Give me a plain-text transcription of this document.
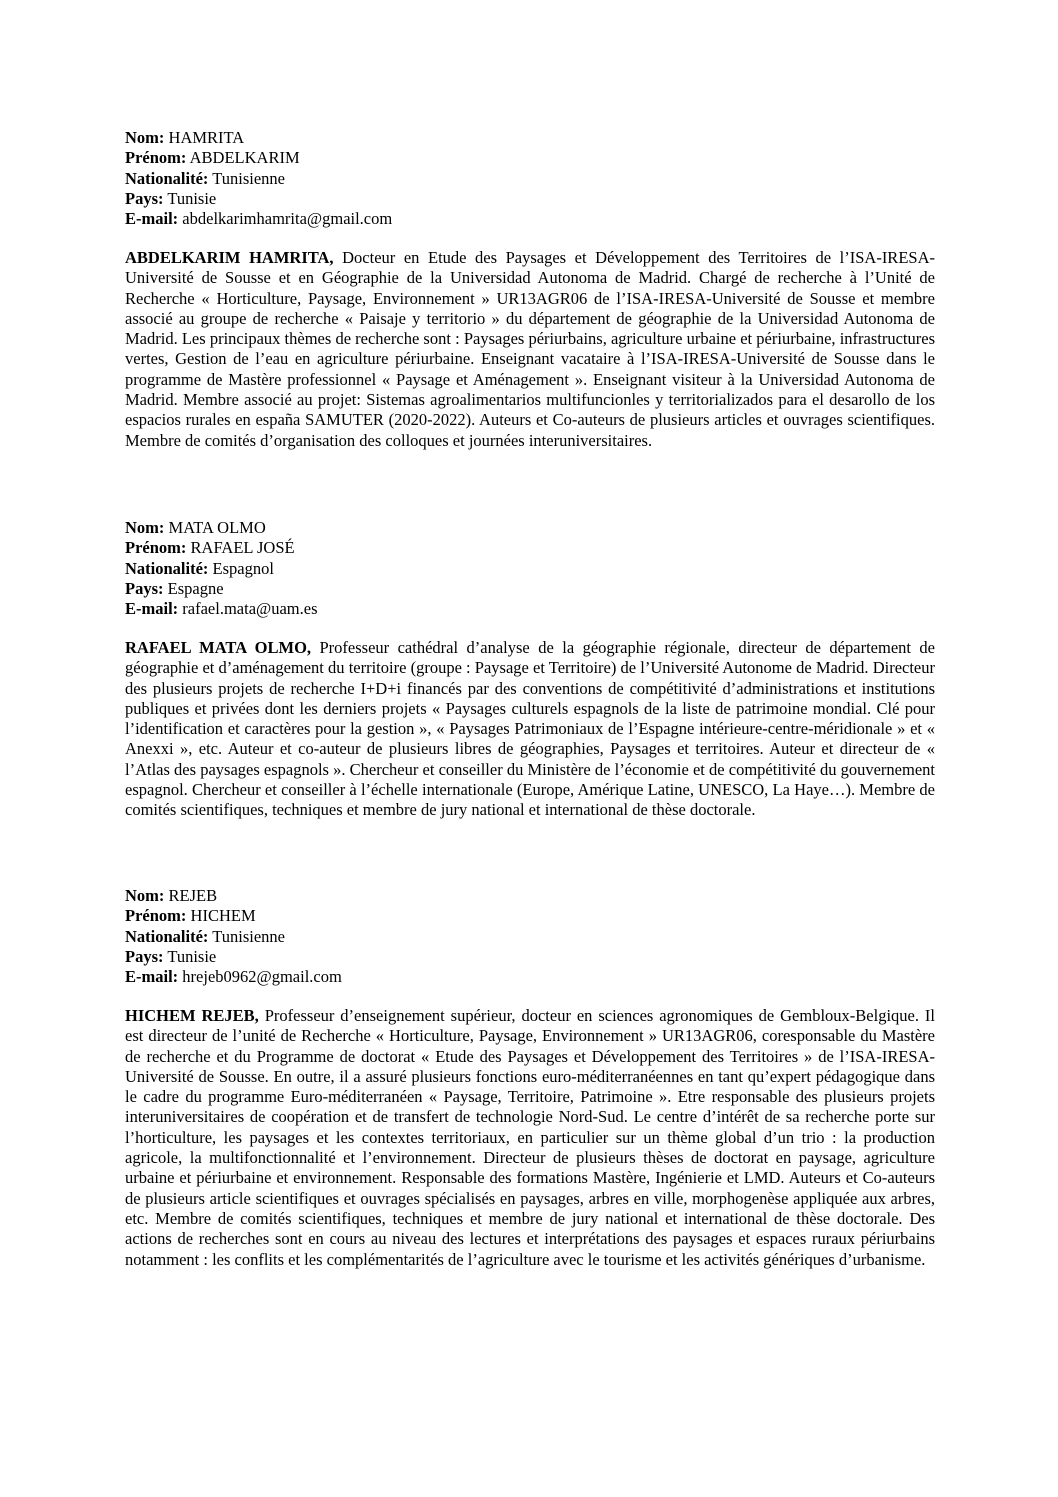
Nom: HAMRITA

Prénom: ABDELKARIM

Nationalité: Tunisienne

Pays: Tunisie

E-mail: abdelkarimhamrita@gmail.com

ABDELKARIM HAMRITA, Docteur en Etude des Paysages et Développement des Territoires de l’ISA-IRESA-Université de Sousse et en Géographie de la Universidad Autonoma de Madrid. Chargé de recherche à l’Unité de Recherche « Horticulture, Paysage, Environnement » UR13AGR06 de l’ISA-IRESA-Université de Sousse et membre associé au groupe de recherche « Paisaje y territorio » du département de géographie de la Universidad Autonoma de Madrid. Les principaux thèmes de recherche sont : Paysages périurbains, agriculture urbaine et périurbaine, infrastructures vertes, Gestion de l’eau en agriculture périurbaine. Enseignant vacataire à l’ISA-IRESA-Université de Sousse dans le programme de Mastère professionnel « Paysage et Aménagement ». Enseignant visiteur à la Universidad Autonoma de Madrid. Membre associé au projet: Sistemas agroalimentarios multifuncionles y territorializados para el desarollo de los espacios rurales en españa SAMUTER (2020-2022). Auteurs et Co-auteurs de plusieurs articles et ouvrages scientifiques. Membre de comités d’organisation des colloques et journées interuniversitaires.

Nom: MATA OLMO

Prénom: RAFAEL JOSÉ

Nationalité: Espagnol

Pays: Espagne

E-mail: rafael.mata@uam.es

RAFAEL MATA OLMO, Professeur cathédral d’analyse de la géographie régionale, directeur de département de géographie et d’aménagement du territoire (groupe : Paysage et Territoire) de l’Université Autonome de Madrid. Directeur des plusieurs projets de recherche I+D+i financés par des conventions de compétitivité d’administrations et institutions publiques et privées dont les derniers projets « Paysages culturels espagnols de la liste de patrimoine mondial. Clé pour l’identification et caractères pour la gestion », « Paysages Patrimoniaux de l’Espagne intérieure-centre-méridionale » et « Anexxi », etc. Auteur et co-auteur de plusieurs libres de géographies, Paysages et territoires. Auteur et directeur de « l’Atlas des paysages espagnols ». Chercheur et conseiller du Ministère de l’économie et de compétitivité du gouvernement espagnol. Chercheur et conseiller à l’échelle internationale (Europe, Amérique Latine, UNESCO, La Haye…). Membre de comités scientifiques, techniques et membre de jury national et international de thèse doctorale.

Nom: REJEB

Prénom: HICHEM

Nationalité: Tunisienne

Pays: Tunisie

E-mail: hrejeb0962@gmail.com

HICHEM REJEB, Professeur d’enseignement supérieur, docteur en sciences agronomiques de Gembloux-Belgique. Il est directeur de l’unité de Recherche « Horticulture, Paysage, Environnement » UR13AGR06, coresponsable du Mastère de recherche et du Programme de doctorat « Etude des Paysages et Développement des Territoires » de l’ISA-IRESA-Université de Sousse. En outre, il a assuré plusieurs fonctions euro-méditerranéennes en tant qu’expert pédagogique dans le cadre du programme Euro-méditerranéen « Paysage, Territoire, Patrimoine ». Etre responsable des plusieurs projets interuniversitaires de coopération et de transfert de technologie Nord-Sud. Le centre d’intérêt de sa recherche porte sur l’horticulture, les paysages et les contextes territoriaux, en particulier sur un thème global d’un trio : la production agricole, la multifonctionnalité et l’environnement. Directeur de plusieurs thèses de doctorat en paysage, agriculture urbaine et périurbaine et environnement. Responsable des formations Mastère, Ingénierie et LMD. Auteurs et Co-auteurs de plusieurs article scientifiques et ouvrages spécialisés en paysages, arbres en ville, morphogenèse appliquée aux arbres, etc. Membre de comités scientifiques, techniques et membre de jury national et international de thèse doctorale. Des actions de recherches sont en cours au niveau des lectures et interprétations des paysages et espaces ruraux périurbains notamment : les conflits et les complémentarités de l’agriculture avec le tourisme et les activités génériques d’urbanisme.
